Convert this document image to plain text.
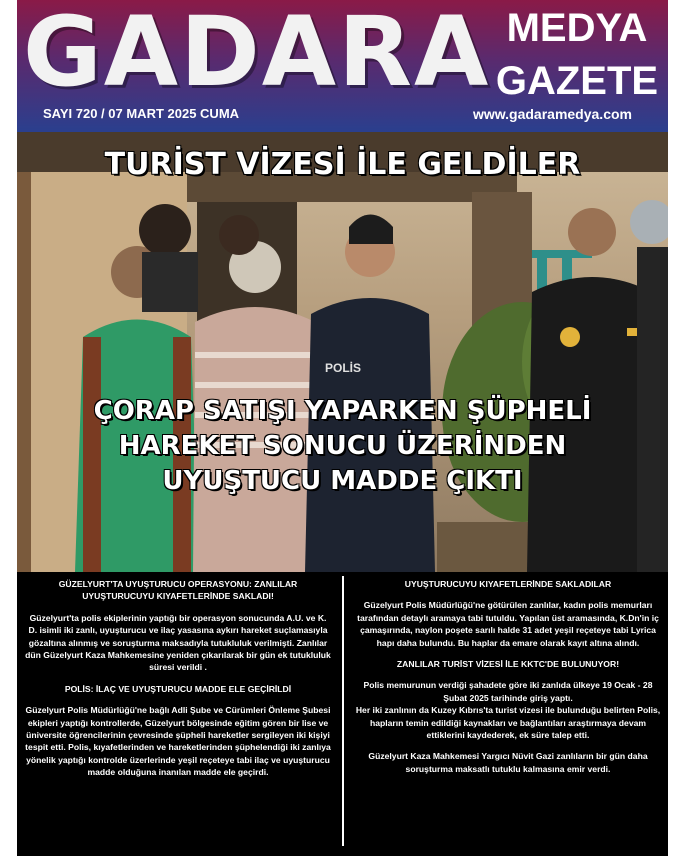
GADARA MEDYA
GAZETE
SAYI 720 / 07 MART 2025 CUMA	www.gadaramedya.com
POLİS
TURİST VİZESİ İLE GELDİLER
ÇORAP SATIŞI YAPARKEN ŞÜPHELİ HAREKET SONUCU ÜZERİNDEN UYUŞTUCU MADDE ÇIKTI

GÜZELYURT'TA UYUŞTURUCU OPERASYONU: ZANLILAR UYUŞTURUCUYU KIYAFETLERİNDE SAKLADI!

Güzelyurt'ta polis ekiplerinin yaptığı bir operasyon sonucunda A.U. ve K. D. isimli iki zanlı, uyuşturucu ve ilaç yasasına aykırı hareket suçlamasıyla gözaltına alınmış ve soruşturma maksadıyla tutukluluk verilmişti. Zanlılar dün Güzelyurt Kaza Mahkemesine yeniden çıkarılarak bir gün ek tutukluluk süresi verildi .

POLİS: İLAÇ VE UYUŞTURUCU MADDE ELE GEÇİRİLDİ

Güzelyurt Polis Müdürlüğü'ne bağlı Adli Şube ve Cürümleri Önleme Şubesi ekipleri yaptığı kontrollerde, Güzelyurt bölgesinde eğitim gören bir lise ve üniversite öğrencilerinin çevresinde şüpheli hareketler sergileyen iki kişiyi tespit etti. Polis, kıyafetlerinden ve hareketlerinden şüphelendiği iki zanlıya yönelik yaptığı kontrolde üzerlerinde yeşil reçeteye tabi ilaç ve uyuşturucu madde olduğuna inanılan madde ele geçirdi.

UYUŞTURUCUYU KIYAFETLERİNDE SAKLADILAR

Güzelyurt Polis Müdürlüğü'ne götürülen zanlılar, kadın polis memurları tarafından detaylı aramaya tabi tutuldu. Yapılan üst aramasında, K.Dn'in iç çamaşırında, naylon poşete sarılı halde 31 adet yeşil reçeteye tabi Lyrica hapı daha bulundu. Bu haplar da emare olarak kayıt altına alındı.

ZANLILAR TURİST VİZESİ İLE KKTC'DE BULUNUYOR!

Polis memurunun verdiği şahadete göre iki zanlıda ülkeye 19 Ocak - 28 Şubat 2025 tarihinde giriş yaptı.
Her iki zanlının da Kuzey Kıbrıs'ta turist vizesi ile bulunduğu belirten Polis, hapların temin edildiği kaynakları ve bağlantıları araştırmaya devam ettiklerini kaydederek, ek süre talep etti.

Güzelyurt Kaza Mahkemesi Yargıcı Nüvit Gazi zanlıların bir gün daha soruşturma maksatlı tutuklu kalmasına emir verdi.
